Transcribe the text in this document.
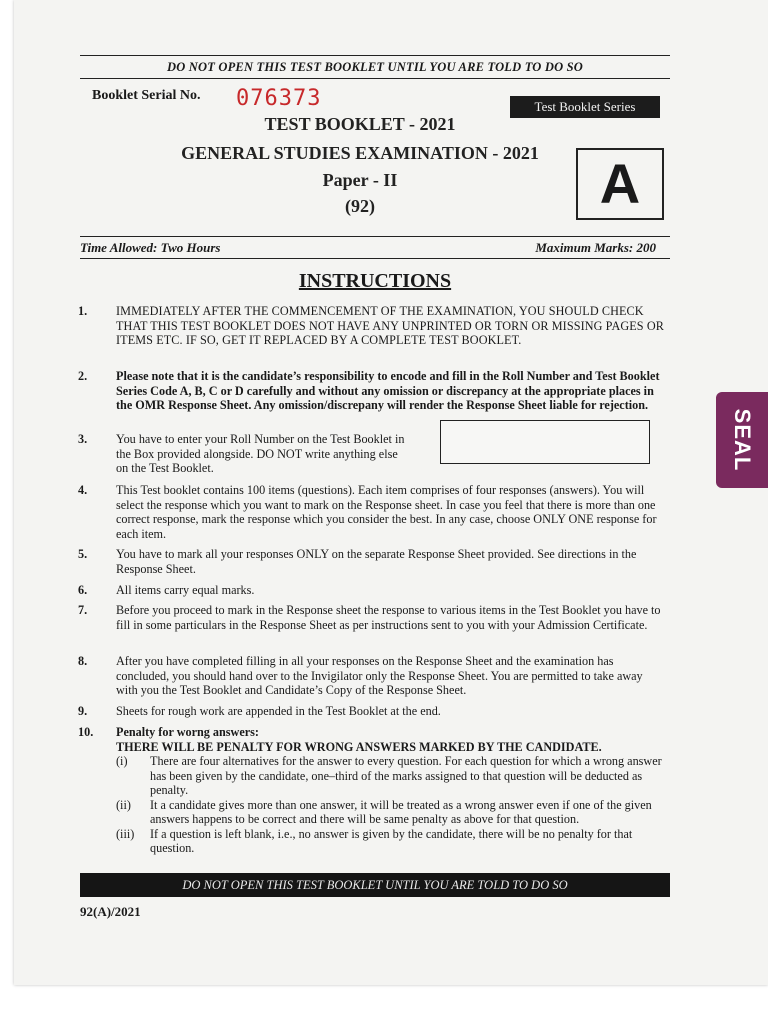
DO NOT OPEN THIS TEST BOOKLET UNTIL YOU ARE TOLD TO DO SO
Booklet Serial No. 076373	Test Booklet Series
TEST BOOKLET - 2021
GENERAL STUDIES EXAMINATION - 2021
Paper - II
(92)	A
Time Allowed: Two Hours	Maximum Marks: 200
INSTRUCTIONS
1.	IMMEDIATELY AFTER THE COMMENCEMENT OF THE EXAMINATION, YOU SHOULD CHECK THAT THIS TEST BOOKLET DOES NOT HAVE ANY UNPRINTED OR TORN OR MISSING PAGES OR ITEMS ETC. IF SO, GET IT REPLACED BY A COMPLETE TEST BOOKLET.
2.	Please note that it is the candidate’s responsibility to encode and fill in the Roll Number and Test Booklet Series Code A, B, C or D carefully and without any omission or discrepancy at the appropriate places in the OMR Response Sheet. Any omission/discrepany will render the Response Sheet liable for rejection.
3.	You have to enter your Roll Number on the Test Booklet in the Box provided alongside. DO NOT write anything else on the Test Booklet.
4.	This Test booklet contains 100 items (questions). Each item comprises of four responses (answers). You will select the response which you want to mark on the Response sheet. In case you feel that there is more than one correct response, mark the response which you consider the best. In any case, choose ONLY ONE response for each item.
5.	You have to mark all your responses ONLY on the separate Response Sheet provided. See directions in the Response Sheet.
6.	All items carry equal marks.
7.	Before you proceed to mark in the Response sheet the response to various items in the Test Booklet you have to fill in some particulars in the Response Sheet as per instructions sent to you with your Admission Certificate.
8.	After you have completed filling in all your responses on the Response Sheet and the examination has concluded, you should hand over to the Invigilator only the Response Sheet. You are permitted to take away with you the Test Booklet and Candidate’s Copy of the Response Sheet.
9.	Sheets for rough work are appended in the Test Booklet at the end.
10.	Penalty for worng answers:
THERE WILL BE PENALTY FOR WRONG ANSWERS MARKED BY THE CANDIDATE.
(i) There are four alternatives for the answer to every question. For each question for which a wrong answer has been given by the candidate, one–third of the marks assigned to that question will be deducted as penalty.
(ii) It a candidate gives more than one answer, it will be treated as a wrong answer even if one of the given answers happens to be correct and there will be same penalty as above for that question.
(iii) If a question is left blank, i.e., no answer is given by the candidate, there will be no penalty for that question.
DO NOT OPEN THIS TEST BOOKLET UNTIL YOU ARE TOLD TO DO SO
92(A)/2021
SEAL
